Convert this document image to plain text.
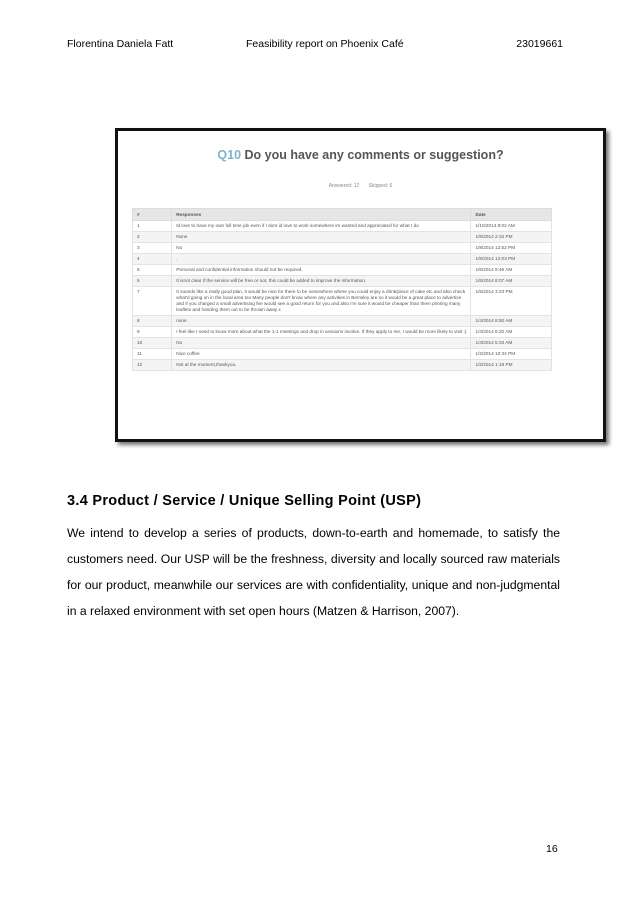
Florentina Daniela Fatt	Feasibility report on Phoenix Café	23019661
Q10 Do you have any comments or suggestion?
Answered: 12 Skipped: 6
#	Responses	Date
1	Id love to have my own full time job even if I dont id love to work somewhere im wanted and appreciated for what I do	1/10/2014 8:02 AM
2	None	1/8/2014 2:34 PM
3	No	1/8/2014 12:52 PM
4	.	1/8/2014 12:03 PM
5	Personal and confidential information should not be required.	1/6/2014 9:49 AM
6	It isnot clear if the service will be free or not, this could be added to improve the information.	1/6/2014 8:07 AM
7	It sounds like a really good plan, it would be nice for there to be somewhere where you could enjoy a drink/piece of cake etc and also check what'd going on in the local area too Many people don't know where any activities in Bemsley are so it would be a great place to advertise and if you charged a small advertising fee would see a good return for you and also I'm sure it would be cheaper than them printing many leaflets and handing them out to be thrown away x	1/5/2014 3:23 PM
8	none	1/4/2014 8:50 AM
9	I feel like I need to know more about what the 1-1 meetings and drop in sessions involve. If they apply to me, I would be more likely to visit :)	1/4/2014 6:20 AM
10	No	1/4/2014 5:33 AM
11	Nice coffee	1/2/2014 10:34 PM
12	Not at the moment,thankyou.	1/2/2014 1:19 PM
3.4 Product / Service / Unique Selling Point (USP)

We intend to develop a series of products, down-to-earth and homemade, to satisfy the customers need. Our USP will be the freshness, diversity and locally sourced raw materials for our product, meanwhile our services are with confidentiality, unique and non-judgmental in a relaxed environment with set open hours (Matzen & Harrison, 2007).

16
